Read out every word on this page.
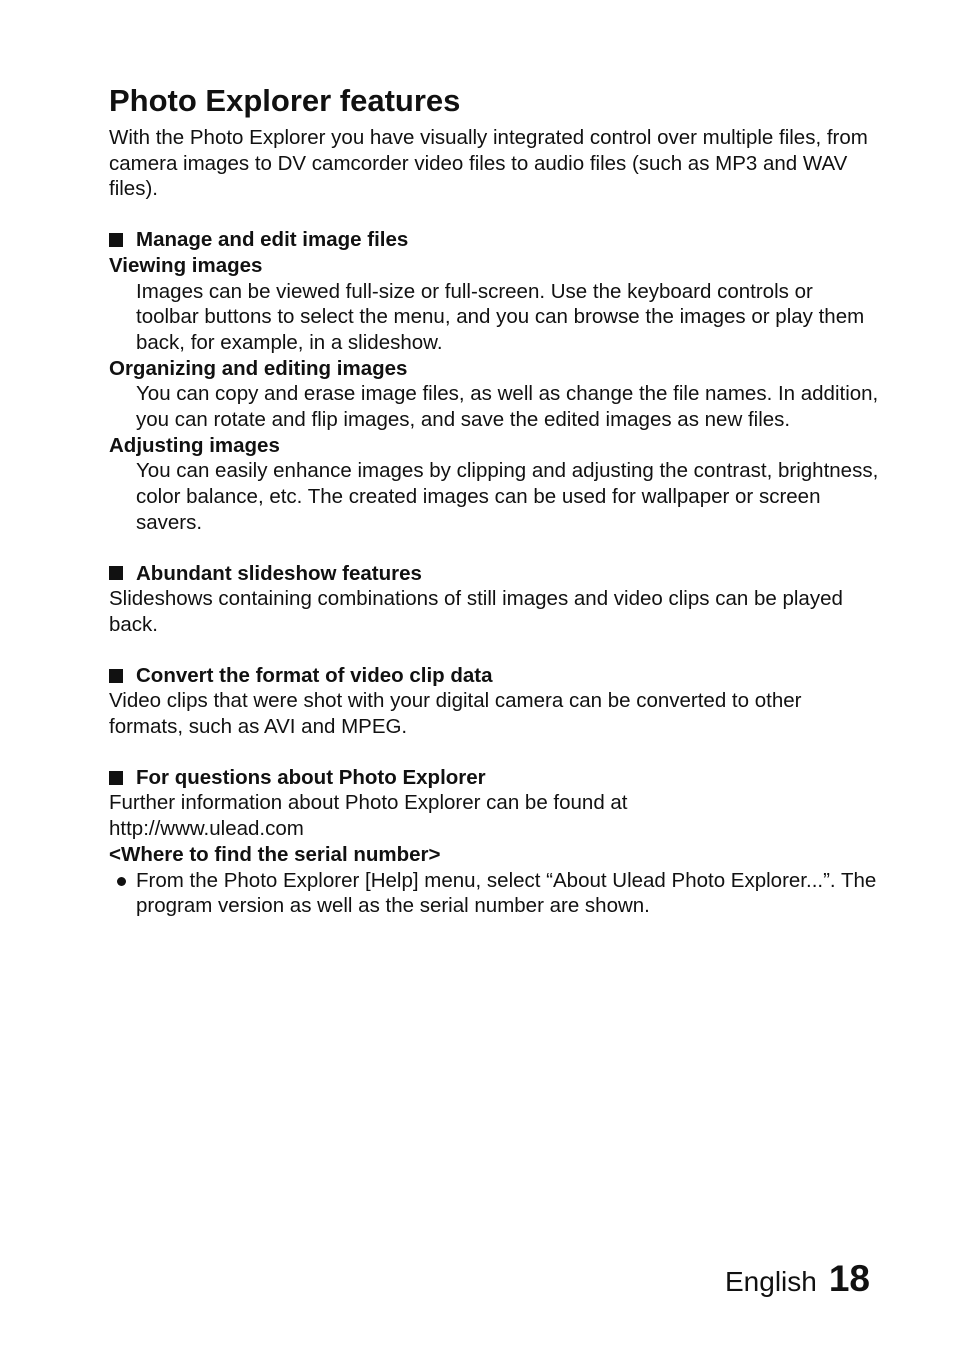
Photo Explorer features

With the Photo Explorer you have visually integrated control over multiple files, from camera images to DV camcorder video files to audio files (such as MP3 and WAV files).

Manage and edit image files
Viewing images

Images can be viewed full-size or full-screen. Use the keyboard controls or toolbar buttons to select the menu, and you can browse the images or play them back, for example, in a slideshow.

Organizing and editing images

You can copy and erase image files, as well as change the file names. In addition, you can rotate and flip images, and save the edited images as new files.

Adjusting images

You can easily enhance images by clipping and adjusting the contrast, brightness, color balance, etc. The created images can be used for wallpaper or screen savers.

Abundant slideshow features

Slideshows containing combinations of still images and video clips can be played back.

Convert the format of video clip data

Video clips that were shot with your digital camera can be converted to other formats, such as AVI and MPEG.

For questions about Photo Explorer

Further information about Photo Explorer can be found at

http://www.ulead.com

<Where to find the serial number>
From the Photo Explorer [Help] menu, select “About Ulead Photo Explorer...”. The program version as well as the serial number are shown.
English 18
